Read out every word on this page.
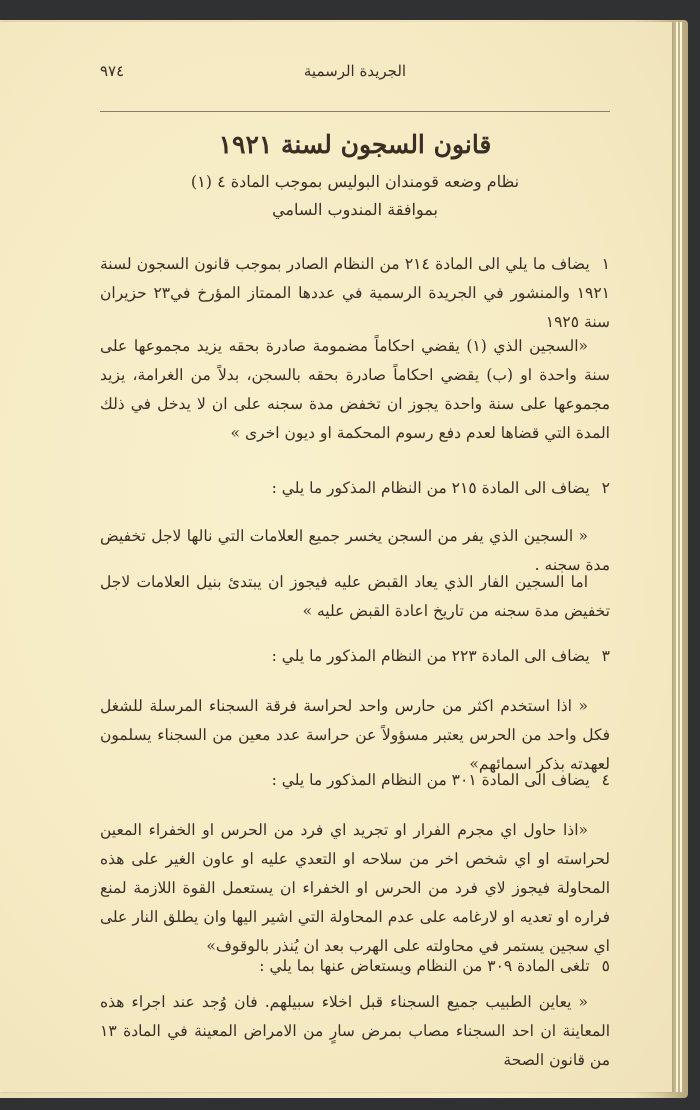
الجريدة الرسمية
٩٧٤
قانون السجون لسنة ١٩٢١
نظام وضعه قومندان البوليس بموجب المادة ٤ (١)
بموافقة المندوب السامي
١يضاف ما يلي الى المادة ٢١٤ من النظام الصادر بموجب قانون السجون لسنة ١٩٢١ والمنشور في الجريدة الرسمية في عددها الممتاز المؤرخ في٢٣ حزيران سنة ١٩٢٥
«السجين الذي (١) يقضي احكاماً مضمومة صادرة بحقه يزيد مجموعها على سنة واحدة او (ب) يقضي احكاماً صادرة بحقه بالسجن، بدلاً من الغرامة، يزيد مجموعها على سنة واحدة يجوز ان تخفض مدة سجنه على ان لا يدخل في ذلك المدة التي قضاها لعدم دفع رسوم المحكمة او ديون اخرى »
٢يضاف الى المادة ٢١٥ من النظام المذكور ما يلي :
« السجين الذي يفر من السجن يخسر جميع العلامات التي نالها لاجل تخفيض مدة سجنه .
اما السجين الفار الذي يعاد القبض عليه فيجوز ان يبتدئ بنيل العلامات لاجل تخفيض مدة سجنه من تاريخ اعادة القبض عليه »
٣يضاف الى المادة ٢٢٣ من النظام المذكور ما يلي :
« اذا استخدم اكثر من حارس واحد لحراسة فرقة السجناء المرسلة للشغل فكل واحد من الحرس يعتبر مسؤولاً عن حراسة عدد معين من السجناء يسلمون لعهدته بذكر اسمائهم»
٤يضاف الى المادة ٣٠١ من النظام المذكور ما يلي :
«اذا حاول اي مجرم الفرار او تجريد اي فرد من الحرس او الخفراء المعين لحراسته او اي شخص اخر من سلاحه او التعدي عليه او عاون الغير على هذه المحاولة فيجوز لاي فرد من الحرس او الخفراء ان يستعمل القوة اللازمة لمنع فراره او تعديه او لارغامه على عدم المحاولة التي اشير اليها وان يطلق النار على اي سجين يستمر في محاولته على الهرب بعد ان يُنذر بالوقوف»
٥تلغى المادة ٣٠٩ من النظام ويستعاض عنها بما يلي :
« يعاين الطبيب جميع السجناء قبل اخلاء سبيلهم. فان وُجد عند اجراء هذه المعاينة ان احد السجناء مصاب بمرض سارٍ من الامراض المعينة في المادة ١٣ من قانون الصحة
